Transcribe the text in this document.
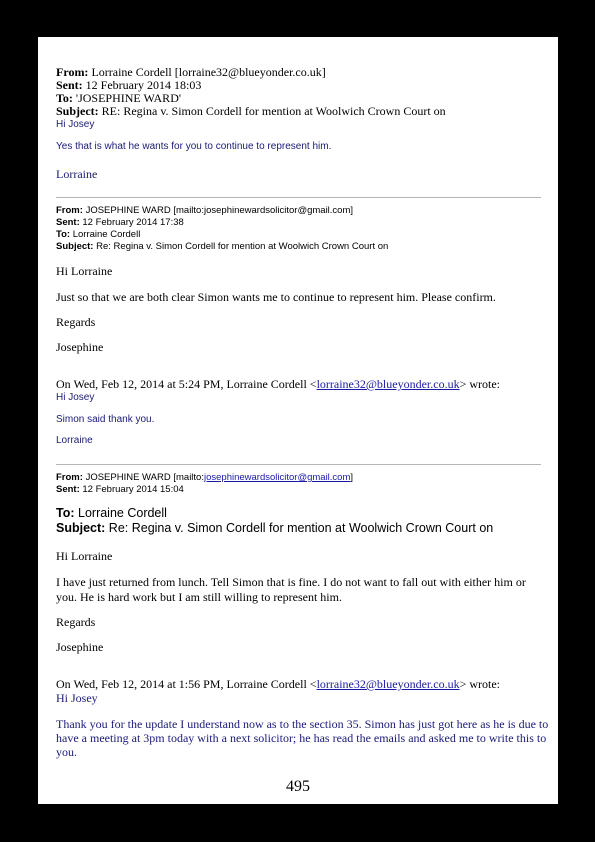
From: Lorraine Cordell [lorraine32@blueyonder.co.uk]
Sent: 12 February 2014 18:03
To: 'JOSEPHINE WARD'
Subject: RE: Regina v. Simon Cordell for mention at Woolwich Crown Court on
Hi Josey
Yes that is what he wants for you to continue to represent him.
Lorraine
From: JOSEPHINE WARD [mailto:josephinewardsolicitor@gmail.com]
Sent: 12 February 2014 17:38
To: Lorraine Cordell
Subject: Re: Regina v. Simon Cordell for mention at Woolwich Crown Court on
Hi Lorraine
Just so that we are both clear Simon wants me to continue to represent him. Please confirm.
Regards
Josephine
On Wed, Feb 12, 2014 at 5:24 PM, Lorraine Cordell <lorraine32@blueyonder.co.uk> wrote:
Hi Josey
Simon said thank you.
Lorraine
From: JOSEPHINE WARD [mailto:josephinewardsolicitor@gmail.com]
Sent: 12 February 2014 15:04
To: Lorraine Cordell
Subject: Re: Regina v. Simon Cordell for mention at Woolwich Crown Court on
Hi Lorraine
I have just returned from lunch. Tell Simon that is fine. I do not want to fall out with either him or
you. He is hard work but I am still willing to represent him.
Regards
Josephine
On Wed, Feb 12, 2014 at 1:56 PM, Lorraine Cordell <lorraine32@blueyonder.co.uk> wrote:
Hi Josey
Thank you for the update I understand now as to the section 35. Simon has just got here as he is due to
have a meeting at 3pm today with a next solicitor; he has read the emails and asked me to write this to
you.
495
